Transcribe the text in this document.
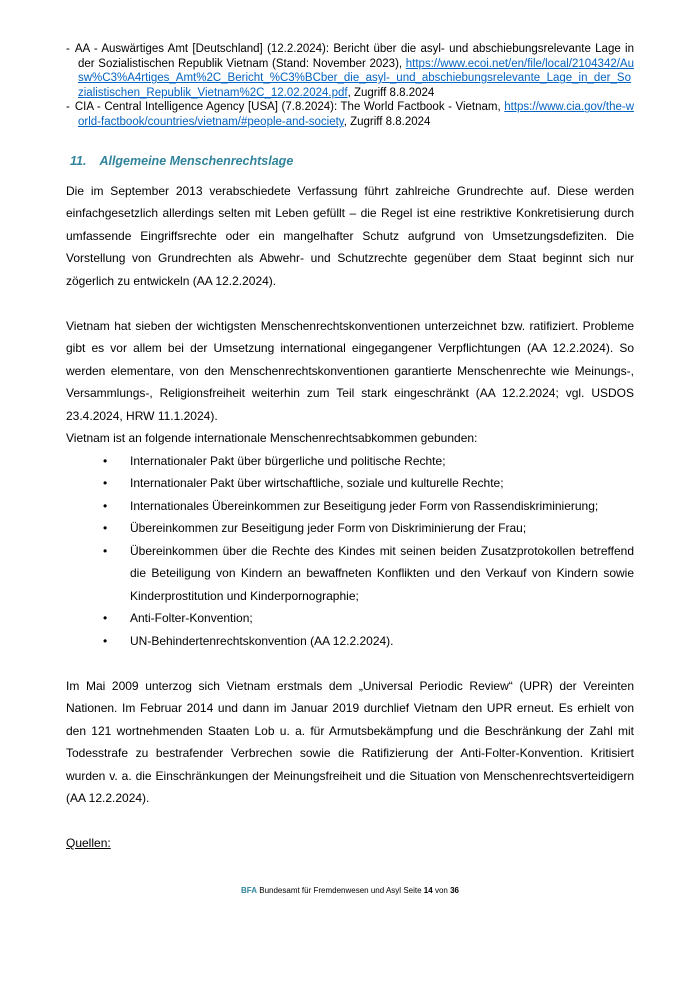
- AA - Auswärtiges Amt [Deutschland] (12.2.2024): Bericht über die asyl- und abschiebungsrelevante Lage in der Sozialistischen Republik Vietnam (Stand: November 2023), https://www.ecoi.net/en/file/local/2104342/Ausw%C3%A4rtiges_Amt%2C_Bericht_%C3%BCber_die_asyl-_und_abschiebungsrelevante_Lage_in_der_Sozialistischen_Republik_Vietnam%2C_12.02.2024.pdf, Zugriff 8.8.2024

- CIA - Central Intelligence Agency [USA] (7.8.2024): The World Factbook - Vietnam, https://www.cia.gov/the-world-factbook/countries/vietnam/#people-and-society, Zugriff 8.8.2024

11. Allgemeine Menschenrechtslage

Die im September 2013 verabschiedete Verfassung führt zahlreiche Grundrechte auf. Diese werden einfachgesetzlich allerdings selten mit Leben gefüllt – die Regel ist eine restriktive Konkretisierung durch umfassende Eingriffsrechte oder ein mangelhafter Schutz aufgrund von Umsetzungsdefiziten. Die Vorstellung von Grundrechten als Abwehr- und Schutzrechte gegenüber dem Staat beginnt sich nur zögerlich zu entwickeln (AA 12.2.2024).

Vietnam hat sieben der wichtigsten Menschenrechtskonventionen unterzeichnet bzw. ratifiziert. Probleme gibt es vor allem bei der Umsetzung international eingegangener Verpflichtungen (AA 12.2.2024). So werden elementare, von den Menschenrechtskonventionen garantierte Menschenrechte wie Meinungs-, Versammlungs-, Religionsfreiheit weiterhin zum Teil stark eingeschränkt (AA 12.2.2024; vgl. USDOS 23.4.2024, HRW 11.1.2024).

Vietnam ist an folgende internationale Menschenrechtsabkommen gebunden:

•	Internationaler Pakt über bürgerliche und politische Rechte;
•	Internationaler Pakt über wirtschaftliche, soziale und kulturelle Rechte;
•	Internationales Übereinkommen zur Beseitigung jeder Form von Rassendiskriminierung;
•	Übereinkommen zur Beseitigung jeder Form von Diskriminierung der Frau;
•	Übereinkommen über die Rechte des Kindes mit seinen beiden Zusatzprotokollen betreffend die Beteiligung von Kindern an bewaffneten Konflikten und den Verkauf von Kindern sowie Kinderprostitution und Kinderpornographie;
•	Anti-Folter-Konvention;
•	UN-Behindertenrechtskonvention (AA 12.2.2024).

Im Mai 2009 unterzog sich Vietnam erstmals dem „Universal Periodic Review“ (UPR) der Vereinten Nationen. Im Februar 2014 und dann im Januar 2019 durchlief Vietnam den UPR erneut. Es erhielt von den 121 wortnehmenden Staaten Lob u. a. für Armutsbekämpfung und die Beschränkung der Zahl mit Todesstrafe zu bestrafender Verbrechen sowie die Ratifizierung der Anti-Folter-Konvention. Kritisiert wurden v. a. die Einschränkungen der Meinungsfreiheit und die Situation von Menschenrechtsverteidigern (AA 12.2.2024).

Quellen:

BFA Bundesamt für Fremdenwesen und Asyl Seite 14 von 36
